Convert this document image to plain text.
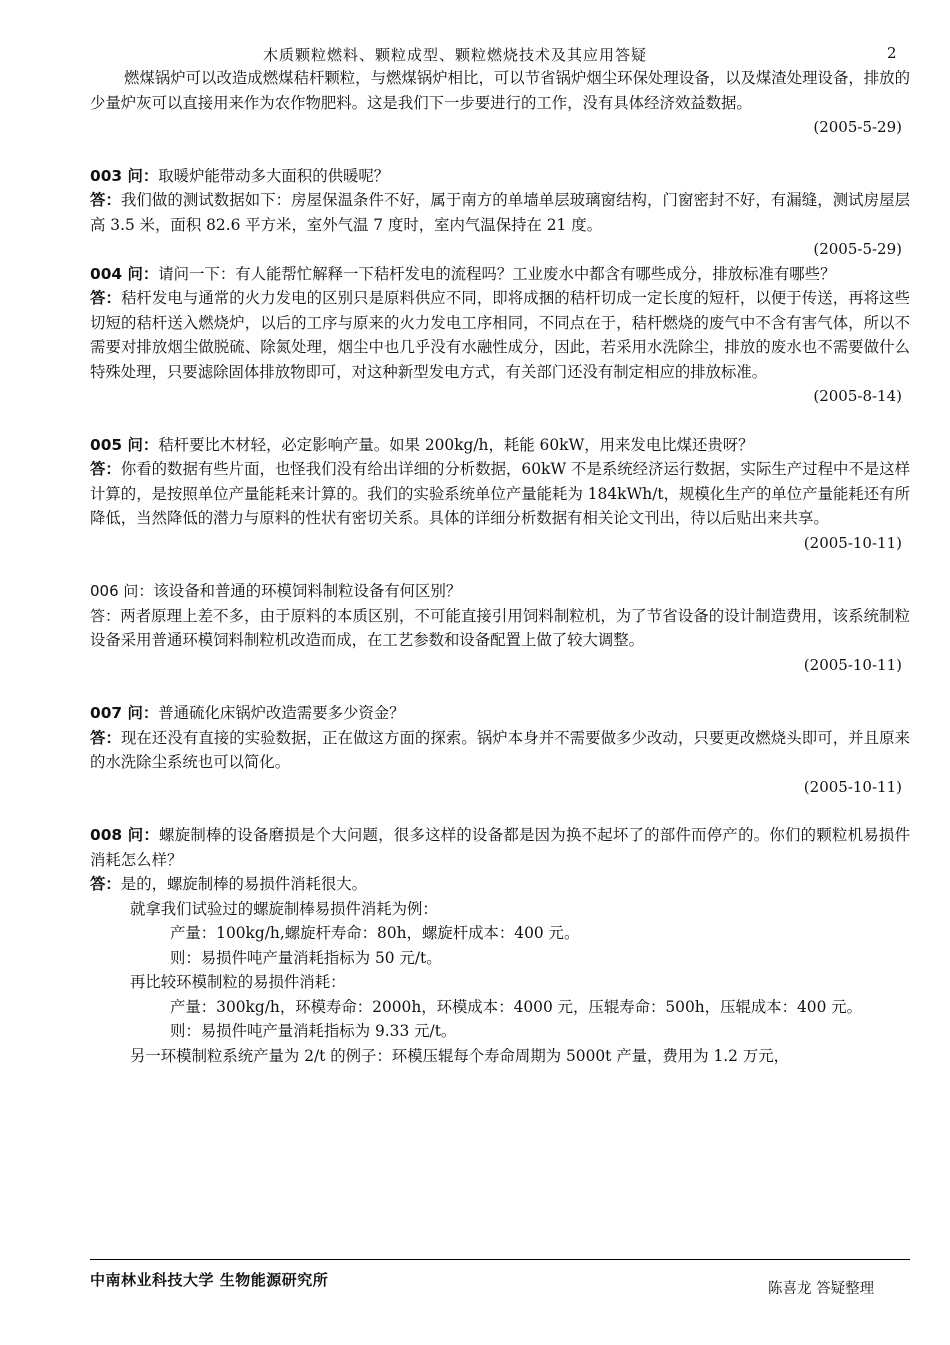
木质颗粒燃料、颗粒成型、颗粒燃烧技术及其应用答疑	2

燃煤锅炉可以改造成燃煤秸杆颗粒，与燃煤锅炉相比，可以节省锅炉烟尘环保处理设备，以及煤渣处理设备，排放的少量炉灰可以直接用来作为农作物肥料。这是我们下一步要进行的工作，没有具体经济效益数据。

(2005-5-29)

003 问：取暖炉能带动多大面积的供暖呢？

答：我们做的测试数据如下：房屋保温条件不好，属于南方的单墙单层玻璃窗结构，门窗密封不好，有漏缝，测试房屋层高 3.5 米，面积 82.6 平方米，室外气温 7 度时，室内气温保持在 21 度。

(2005-5-29)

004 问：请问一下：有人能帮忙解释一下秸杆发电的流程吗？工业废水中都含有哪些成分，排放标准有哪些？

答：秸杆发电与通常的火力发电的区别只是原料供应不同，即将成捆的秸杆切成一定长度的短杆，以便于传送，再将这些切短的秸杆送入燃烧炉，以后的工序与原来的火力发电工序相同，不同点在于，秸杆燃烧的废气中不含有害气体，所以不需要对排放烟尘做脱硫、除氮处理，烟尘中也几乎没有水融性成分，因此，若采用水洗除尘，排放的废水也不需要做什么特殊处理，只要滤除固体排放物即可，对这种新型发电方式，有关部门还没有制定相应的排放标准。

(2005-8-14)

005 问：秸杆要比木材轻，必定影响产量。如果 200kg/h，耗能 60kW，用来发电比煤还贵呀？

答：你看的数据有些片面，也怪我们没有给出详细的分析数据，60kW 不是系统经济运行数据，实际生产过程中不是这样计算的，是按照单位产量能耗来计算的。我们的实验系统单位产量能耗为 184kWh/t，规模化生产的单位产量能耗还有所降低，当然降低的潜力与原料的性状有密切关系。具体的详细分析数据有相关论文刊出，待以后贴出来共享。

(2005-10-11)

006 问：该设备和普通的环模饲料制粒设备有何区别？

答：两者原理上差不多，由于原料的本质区别，不可能直接引用饲料制粒机，为了节省设备的设计制造费用，该系统制粒设备采用普通环模饲料制粒机改造而成，在工艺参数和设备配置上做了较大调整。

(2005-10-11)

007 问：普通硫化床锅炉改造需要多少资金？

答：现在还没有直接的实验数据，正在做这方面的探索。锅炉本身并不需要做多少改动，只要更改燃烧头即可，并且原来的水洗除尘系统也可以简化。

(2005-10-11)

008 问：螺旋制棒的设备磨损是个大问题，很多这样的设备都是因为换不起坏了的部件而停产的。你们的颗粒机易损件消耗怎么样？

答：是的，螺旋制棒的易损件消耗很大。

就拿我们试验过的螺旋制棒易损件消耗为例：

产量：100kg/h,螺旋杆寿命：80h，螺旋杆成本：400 元。

则：易损件吨产量消耗指标为 50 元/t。

再比较环模制粒的易损件消耗：

产量：300kg/h，环模寿命：2000h，环模成本：4000 元，压辊寿命：500h，压辊成本：400 元。

则：易损件吨产量消耗指标为 9.33 元/t。

另一环模制粒系统产量为 2/t 的例子：环模压辊每个寿命周期为 5000t 产量，费用为 1.2 万元，

中南林业科技大学 生物能源研究所	陈喜龙 答疑整理
